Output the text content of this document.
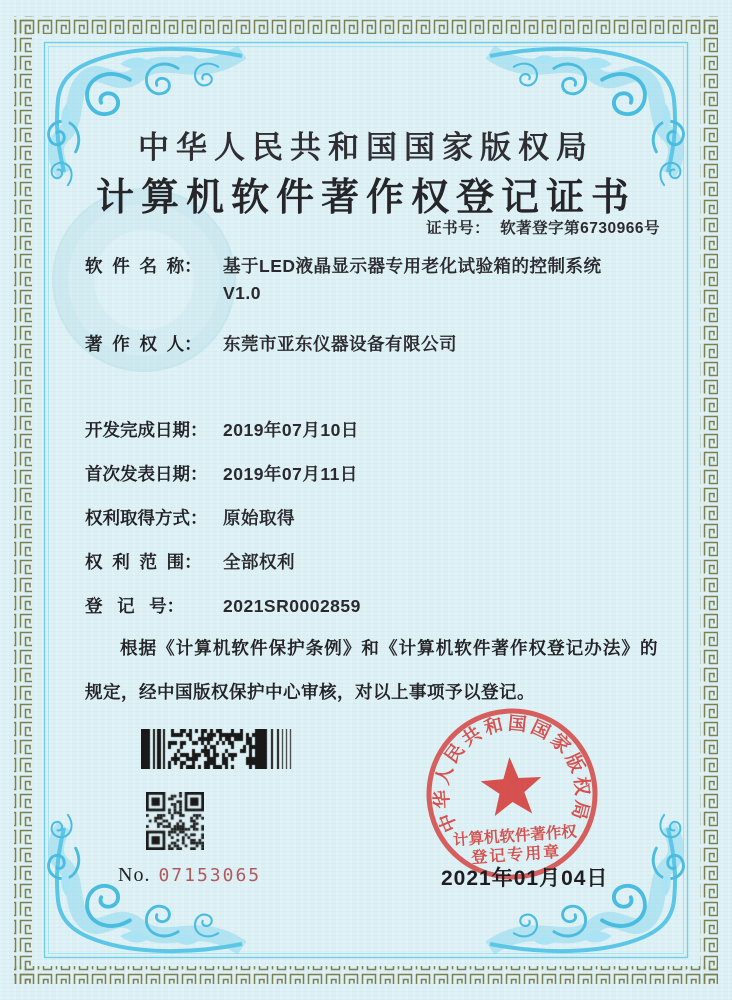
中华人民共和国国家版权局
计算机软件著作权登记证书
证书号： 软著登字第6730966号
软  件  名  称： 基于LED液晶显示器专用老化试验箱的控制系统
V1.0
著  作  权  人： 东莞市亚东仪器设备有限公司
开发完成日期： 2019年07月10日
首次发表日期： 2019年07月11日
权利取得方式： 原始取得
权  利  范  围： 全部权利
登   记   号： 2021SR0002859
根据《计算机软件保护条例》和《计算机软件著作权登记办法》的规定，经中国版权保护中心审核，对以上事项予以登记。
No. 07153065
中华人民共和国国家版权局
计算机软件著作权
登记专用章
2021年01月04日
